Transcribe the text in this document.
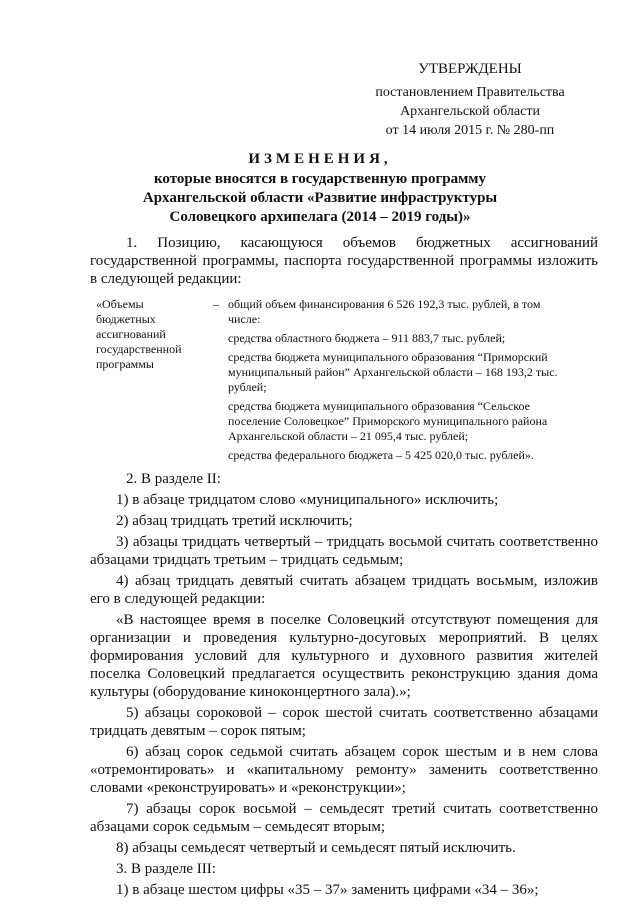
УТВЕРЖДЕНЫ
постановлением Правительства
Архангельской области
от 14 июля 2015 г. № 280-пп
ИЗМЕНЕНИЯ,
которые вносятся в государственную программу
Архангельской области «Развитие инфраструктуры
Соловецкого архипелага (2014 – 2019 годы)»
1. Позицию, касающуюся объемов бюджетных ассигнований государственной программы, паспорта государственной программы изложить в следующей редакции:
«Объемы бюджетных ассигнований государственной программы
– общий объем финансирования 6 526 192,3 тыс. рублей, в том числе:

средства областного бюджета – 911 883,7 тыс. рублей;

средства бюджета муниципального образования “Приморский муниципальный район” Архангельской области – 168 193,2 тыс. рублей;

средства бюджета муниципального образования “Сельское поселение Соловецкое” Приморского муниципального района Архангельской области – 21 095,4 тыс. рублей;

средства федерального бюджета – 5 425 020,0 тыс. рублей».

2. В разделе II:

1) в абзаце тридцатом слово «муниципального» исключить;

2) абзац тридцать третий исключить;

3) абзацы тридцать четвертый – тридцать восьмой считать соответственно абзацами тридцать третьим – тридцать седьмым;

4) абзац тридцать девятый считать абзацем тридцать восьмым, изложив его в следующей редакции:

«В настоящее время в поселке Соловецкий отсутствуют помещения для организации и проведения культурно-досуговых мероприятий. В целях формирования условий для культурного и духовного развития жителей поселка Соловецкий предлагается осуществить реконструкцию здания дома культуры (оборудование киноконцертного зала).»;

5) абзацы сороковой – сорок шестой считать соответственно абзацами тридцать девятым – сорок пятым;

6) абзац сорок седьмой считать абзацем сорок шестым и в нем слова «отремонтировать» и «капитальному ремонту» заменить соответственно словами «реконструировать» и «реконструкции»;

7) абзацы сорок восьмой – семьдесят третий считать соответственно абзацами сорок седьмым – семьдесят вторым;

8) абзацы семьдесят четвертый и семьдесят пятый исключить.

3. В разделе III:

1) в абзаце шестом цифры «35 – 37» заменить цифрами «34 – 36»;
